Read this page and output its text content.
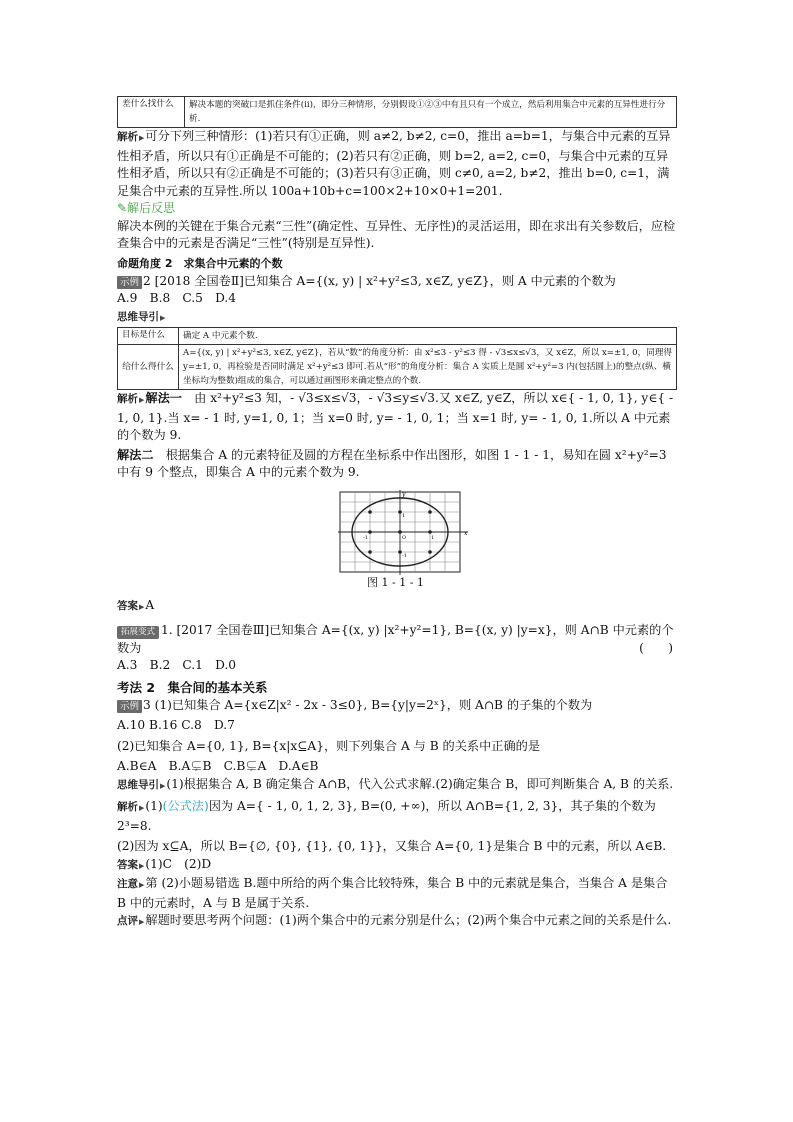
差什么找什么	解决本题的突破口是抓住条件(ii)，即分三种情形，分别假设①②③中有且只有一个成立，然后利用集合中元素的互异性进行分析.

解析▶可分下列三种情形：(1)若只有①正确，则 a≠2, b≠2, c=0，推出 a=b=1，与集合中元素的互异性相矛盾，所以只有①正确是不可能的；(2)若只有②正确，则 b=2, a=2, c=0，与集合中元素的互异性相矛盾，所以只有②正确是不可能的；(3)若只有③正确，则 c≠0, a=2, b≠2，推出 b=0, c=1，满足集合中元素的互异性.所以 100a+10b+c=100×2+10×0+1=201.

✎解后反思

解决本例的关键在于集合元素“三性”(确定性、互异性、无序性)的灵活运用，即在求出有关参数后，应检查集合中的元素是否满足“三性”(特别是互异性).

命题角度 2　求集合中元素的个数

示例 2 [2018 全国卷Ⅱ]已知集合 A={(x, y) | x²+y²≤3, x∈Z, y∈Z}，则 A 中元素的个数为

A.9　B.8　C.5　D.4

思维导引▶

目标是什么	确定 A 中元素个数.
给什么得什么	A={(x, y) | x²+y²≤3, x∈Z, y∈Z}，若从“数”的角度分析：由 x²≤3 - y²≤3 得 - √3≤x≤√3，又 x∈Z，所以 x=±1, 0，同理得 y=±1, 0，再检验是否同时满足 x²+y²≤3 即可.若从“形”的角度分析：集合 A 实质上是圆 x²+y²=3 内(包括圆上)的整点(纵、横坐标均为整数)组成的集合，可以通过画图形来确定整点的个数.

解析▶解法一　 由 x²+y²≤3 知，- √3≤x≤√3，- √3≤y≤√3.又 x∈Z, y∈Z，所以 x∈{ - 1, 0, 1}, y∈{ - 1, 0, 1}.当 x= - 1 时, y=1, 0, 1；当 x=0 时, y= - 1, 0, 1；当 x=1 时, y= - 1, 0, 1.所以 A 中元素的个数为 9.

解法二　 根据集合 A 的元素特征及圆的方程在坐标系中作出图形，如图 1 - 1 - 1，易知在圆 x²+y²=3 中有 9 个整点，即集合 A 中的元素个数为 9.

x
y
O	1
-1
1
-1
图 1 - 1 - 1

答案▶A

拓展变式 1. [2017 全国卷Ⅲ]已知集合 A={(x, y) |x²+y²=1}, B={(x, y) |y=x}，则 A∩B 中元素的个数为	(　　)

A.3　B.2　C.1　D.0

考法 2　集合间的基本关系

示例 3 (1)已知集合 A={x∈Z|x² - 2x - 3≤0}, B={y|y=2ˣ}，则 A∩B 的子集的个数为

A.10 B.16 C.8　D.7

(2)已知集合 A={0, 1}, B={x|x⊆A}，则下列集合 A 与 B 的关系中正确的是

A.B∈A　B.A⊊B　C.B⊊A　D.A∈B

思维导引▶(1)根据集合 A, B 确定集合 A∩B，代入公式求解.(2)确定集合 B，即可判断集合 A, B 的关系.

解析▶(1)(公式法)因为 A={ - 1, 0, 1, 2, 3}, B=(0, +∞)，所以 A∩B={1, 2, 3}，其子集的个数为 2³=8.

(2)因为 x⊆A，所以 B={∅, {0}, {1}, {0, 1}}，又集合 A={0, 1}是集合 B 中的元素，所以 A∈B.

答案▶(1)C　(2)D

注意▶第 (2)小题易错选 B.题中所给的两个集合比较特殊，集合 B 中的元素就是集合，当集合 A 是集合 B 中的元素时，A 与 B 是属于关系.

点评▶解题时要思考两个问题：(1)两个集合中的元素分别是什么；(2)两个集合中元素之间的关系是什么.
